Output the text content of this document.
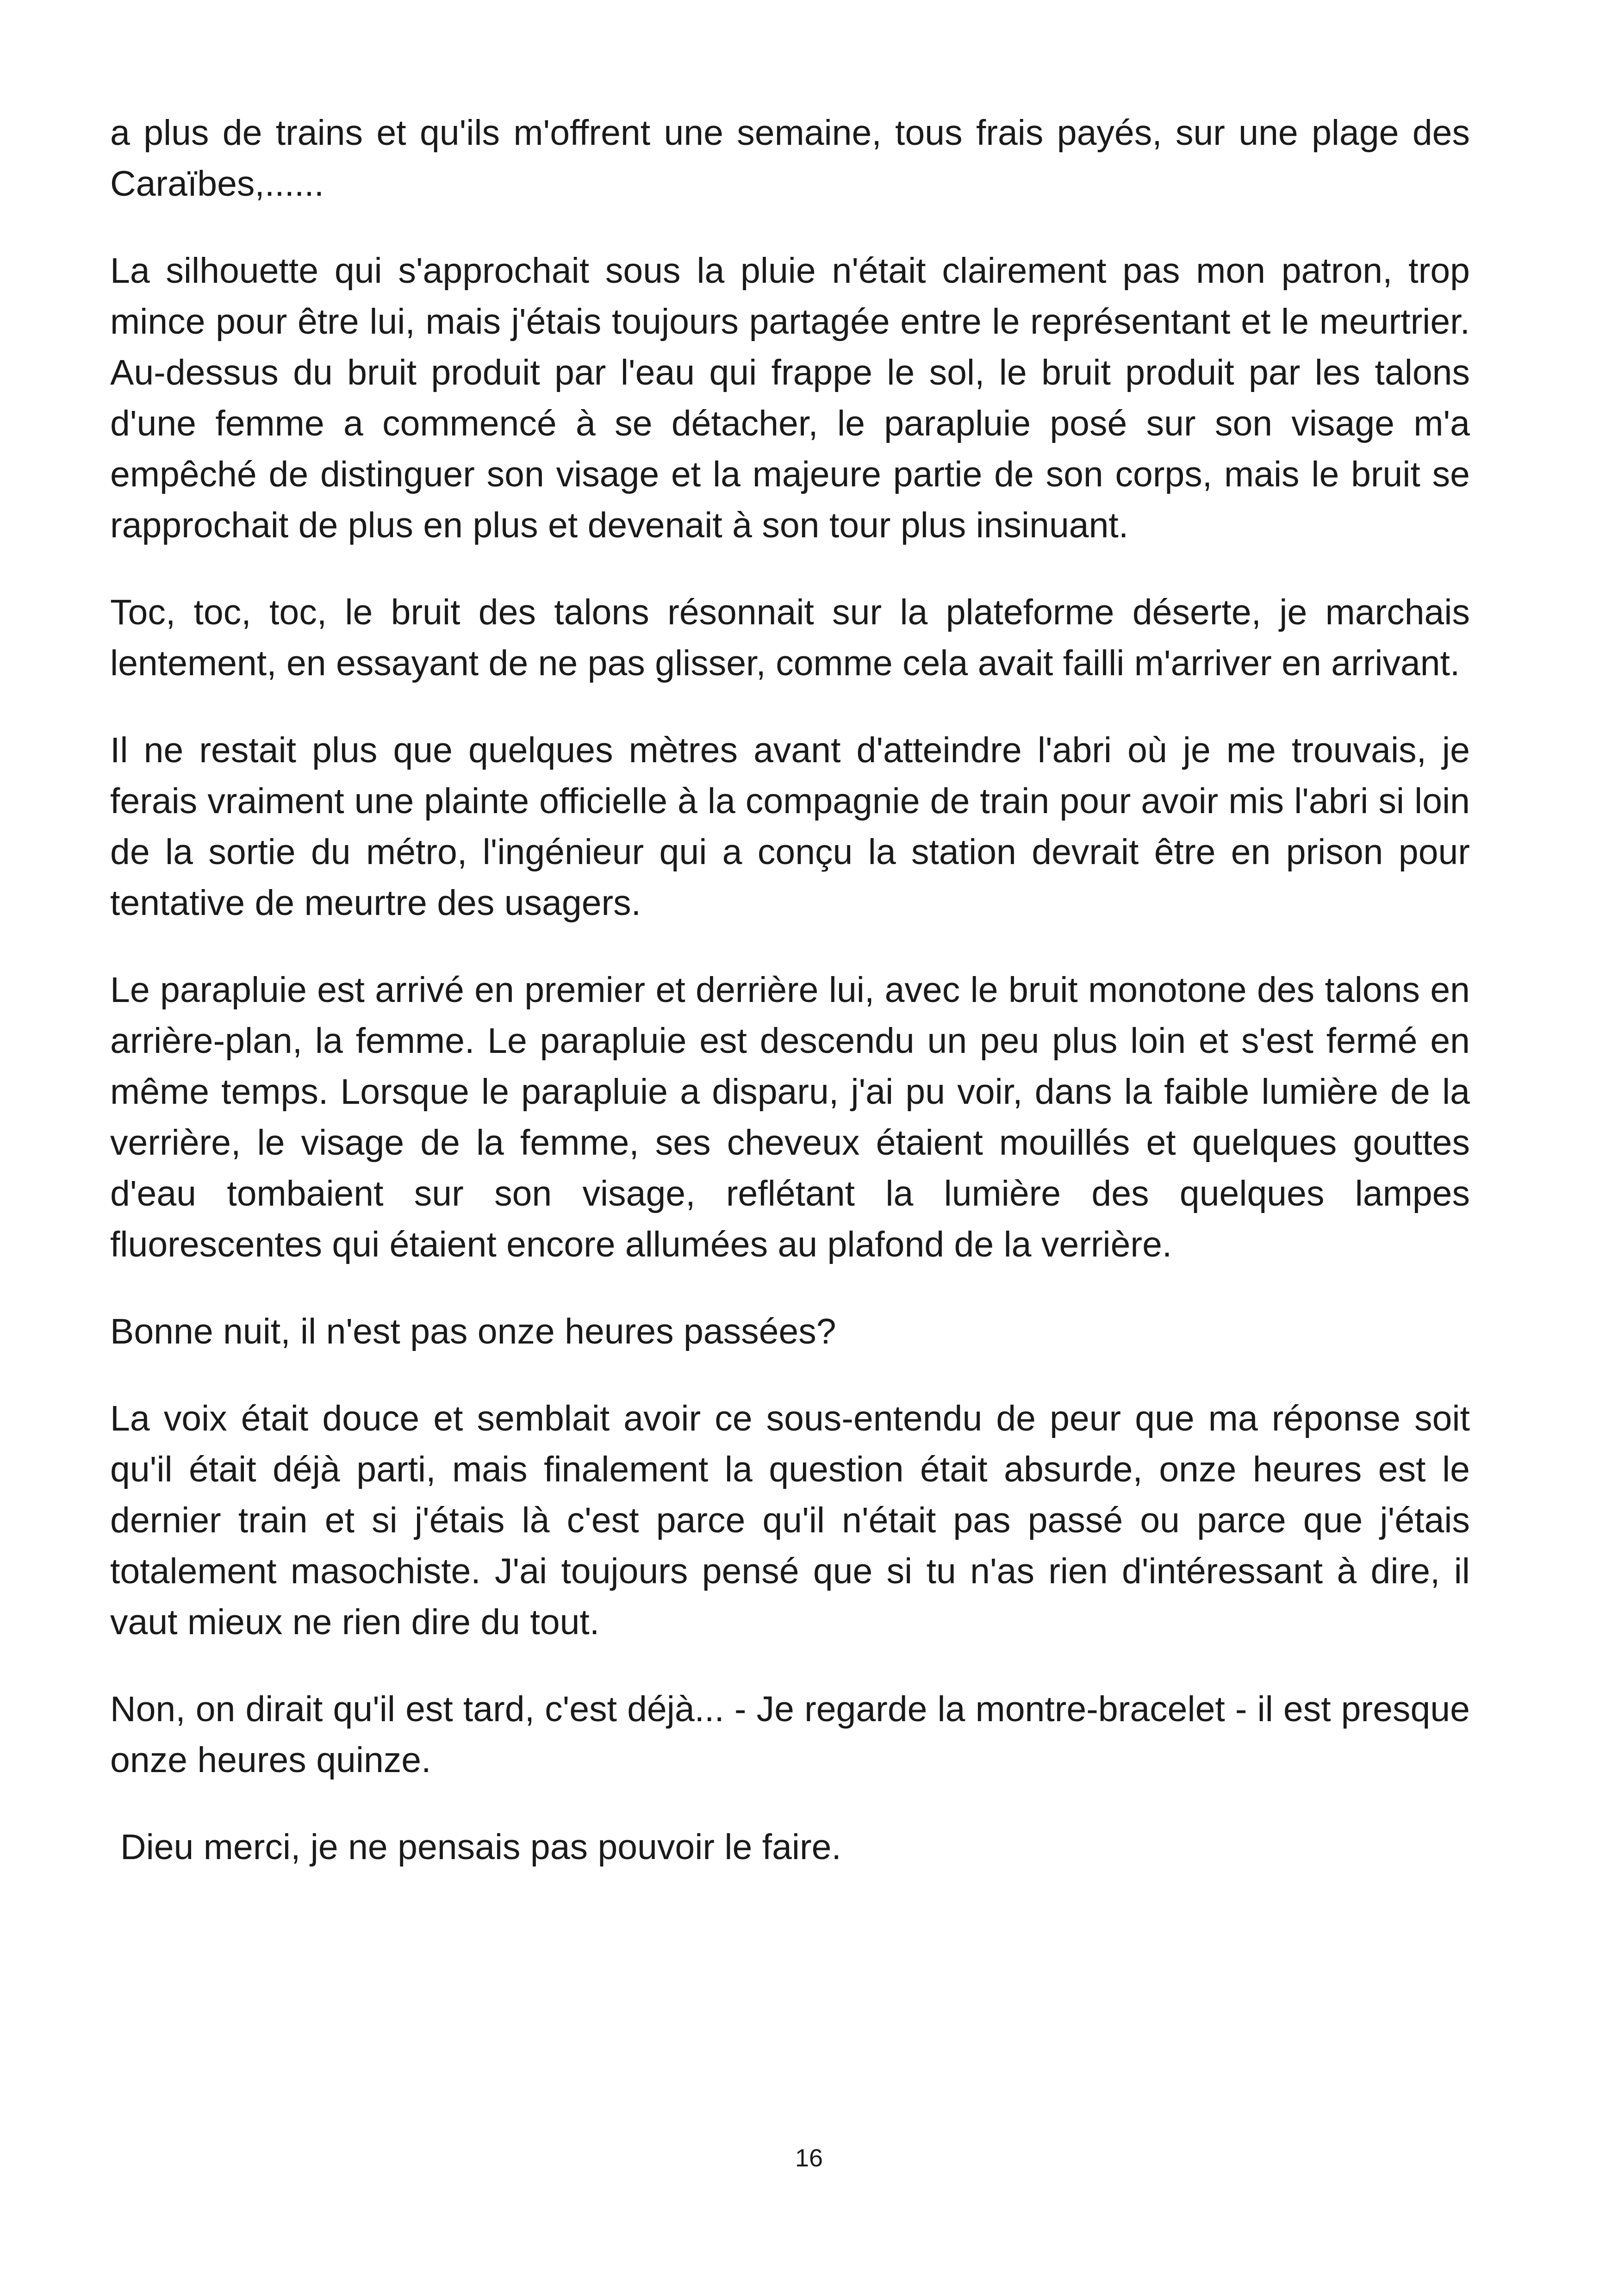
a plus de trains et qu'ils m'offrent une semaine, tous frais payés, sur une plage des Caraïbes,......

La silhouette qui s'approchait sous la pluie n'était clairement pas mon patron, trop mince pour être lui, mais j'étais toujours partagée entre le représentant et le meurtrier. Au-dessus du bruit produit par l'eau qui frappe le sol, le bruit produit par les talons d'une femme a commencé à se détacher, le parapluie posé sur son visage m'a empêché de distinguer son visage et la majeure partie de son corps, mais le bruit se rapprochait de plus en plus et devenait à son tour plus insinuant.

Toc, toc, toc, le bruit des talons résonnait sur la plateforme déserte, je marchais lentement, en essayant de ne pas glisser, comme cela avait failli m'arriver en arrivant.

Il ne restait plus que quelques mètres avant d'atteindre l'abri où je me trouvais, je ferais vraiment une plainte officielle à la compagnie de train pour avoir mis l'abri si loin de la sortie du métro, l'ingénieur qui a conçu la station devrait être en prison pour tentative de meurtre des usagers.

Le parapluie est arrivé en premier et derrière lui, avec le bruit monotone des talons en arrière-plan, la femme. Le parapluie est descendu un peu plus loin et s'est fermé en même temps. Lorsque le parapluie a disparu, j'ai pu voir, dans la faible lumière de la verrière, le visage de la femme, ses cheveux étaient mouillés et quelques gouttes d'eau tombaient sur son visage, reflétant la lumière des quelques lampes fluorescentes qui étaient encore allumées au plafond de la verrière.

Bonne nuit, il n'est pas onze heures passées?

La voix était douce et semblait avoir ce sous-entendu de peur que ma réponse soit qu'il était déjà parti, mais finalement la question était absurde, onze heures est le dernier train et si j'étais là c'est parce qu'il n'était pas passé ou parce que j'étais totalement masochiste. J'ai toujours pensé que si tu n'as rien d'intéressant à dire, il vaut mieux ne rien dire du tout.

Non, on dirait qu'il est tard, c'est déjà... - Je regarde la montre-bracelet - il est presque onze heures quinze.

Dieu merci, je ne pensais pas pouvoir le faire.

16
